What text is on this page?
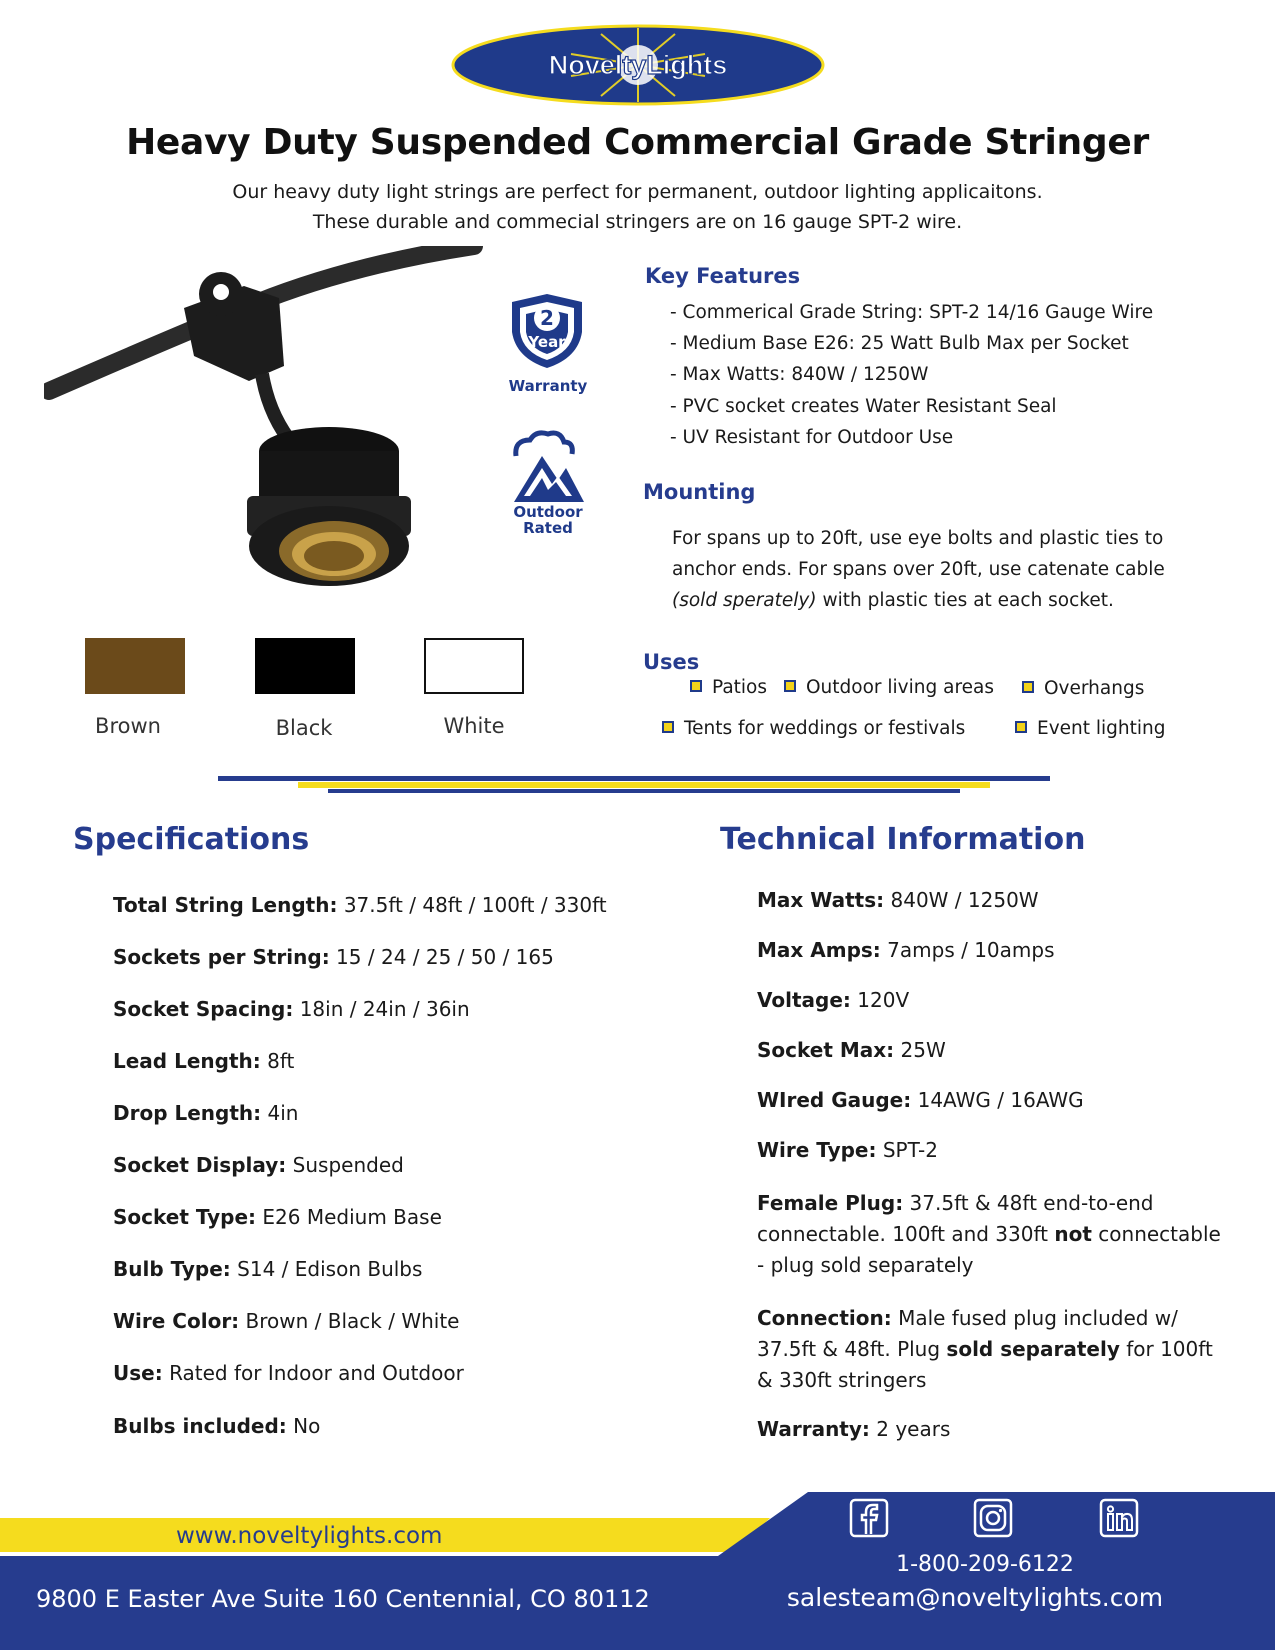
NoveltyLights
Heavy Duty Suspended Commercial Grade Stringer
Our heavy duty light strings are perfect for permanent, outdoor lighting applicaitons.
These durable and commecial stringers are on 16 gauge SPT-2 wire.
2
Year
Warranty
Outdoor
Rated
Brown	Black	White
Key Features
- Commerical Grade String: SPT-2 14/16 Gauge Wire
- Medium Base E26: 25 Watt Bulb Max per Socket
- Max Watts: 840W / 1250W
- PVC socket creates Water Resistant Seal
- UV Resistant for Outdoor Use
Mounting
For spans up to 20ft, use eye bolts and plastic ties to anchor ends. For spans over 20ft, use catenate cable (sold sperately) with plastic ties at each socket.
Uses
Patios	Outdoor living areas	Overhangs
Tents for weddings or festivals	Event lighting
Specifications
Total String Length: 37.5ft / 48ft / 100ft / 330ft
Sockets per String: 15 / 24 / 25 / 50 / 165
Socket Spacing: 18in / 24in / 36in
Lead Length: 8ft
Drop Length: 4in
Socket Display: Suspended
Socket Type: E26 Medium Base
Bulb Type: S14 / Edison Bulbs
Wire Color: Brown / Black / White
Use: Rated for Indoor and Outdoor
Bulbs included: No
Technical Information
Max Watts: 840W / 1250W
Max Amps: 7amps / 10amps
Voltage: 120V
Socket Max: 25W
WIred Gauge: 14AWG / 16AWG
Wire Type: SPT-2
Female Plug: 37.5ft & 48ft end-to-end connectable. 100ft and 330ft not connectable - plug sold separately
Connection: Male fused plug included w/ 37.5ft & 48ft. Plug sold separately for 100ft & 330ft stringers
Warranty: 2 years
www.noveltylights.com
9800 E Easter Ave Suite 160 Centennial, CO 80112
1-800-209-6122
salesteam@noveltylights.com
